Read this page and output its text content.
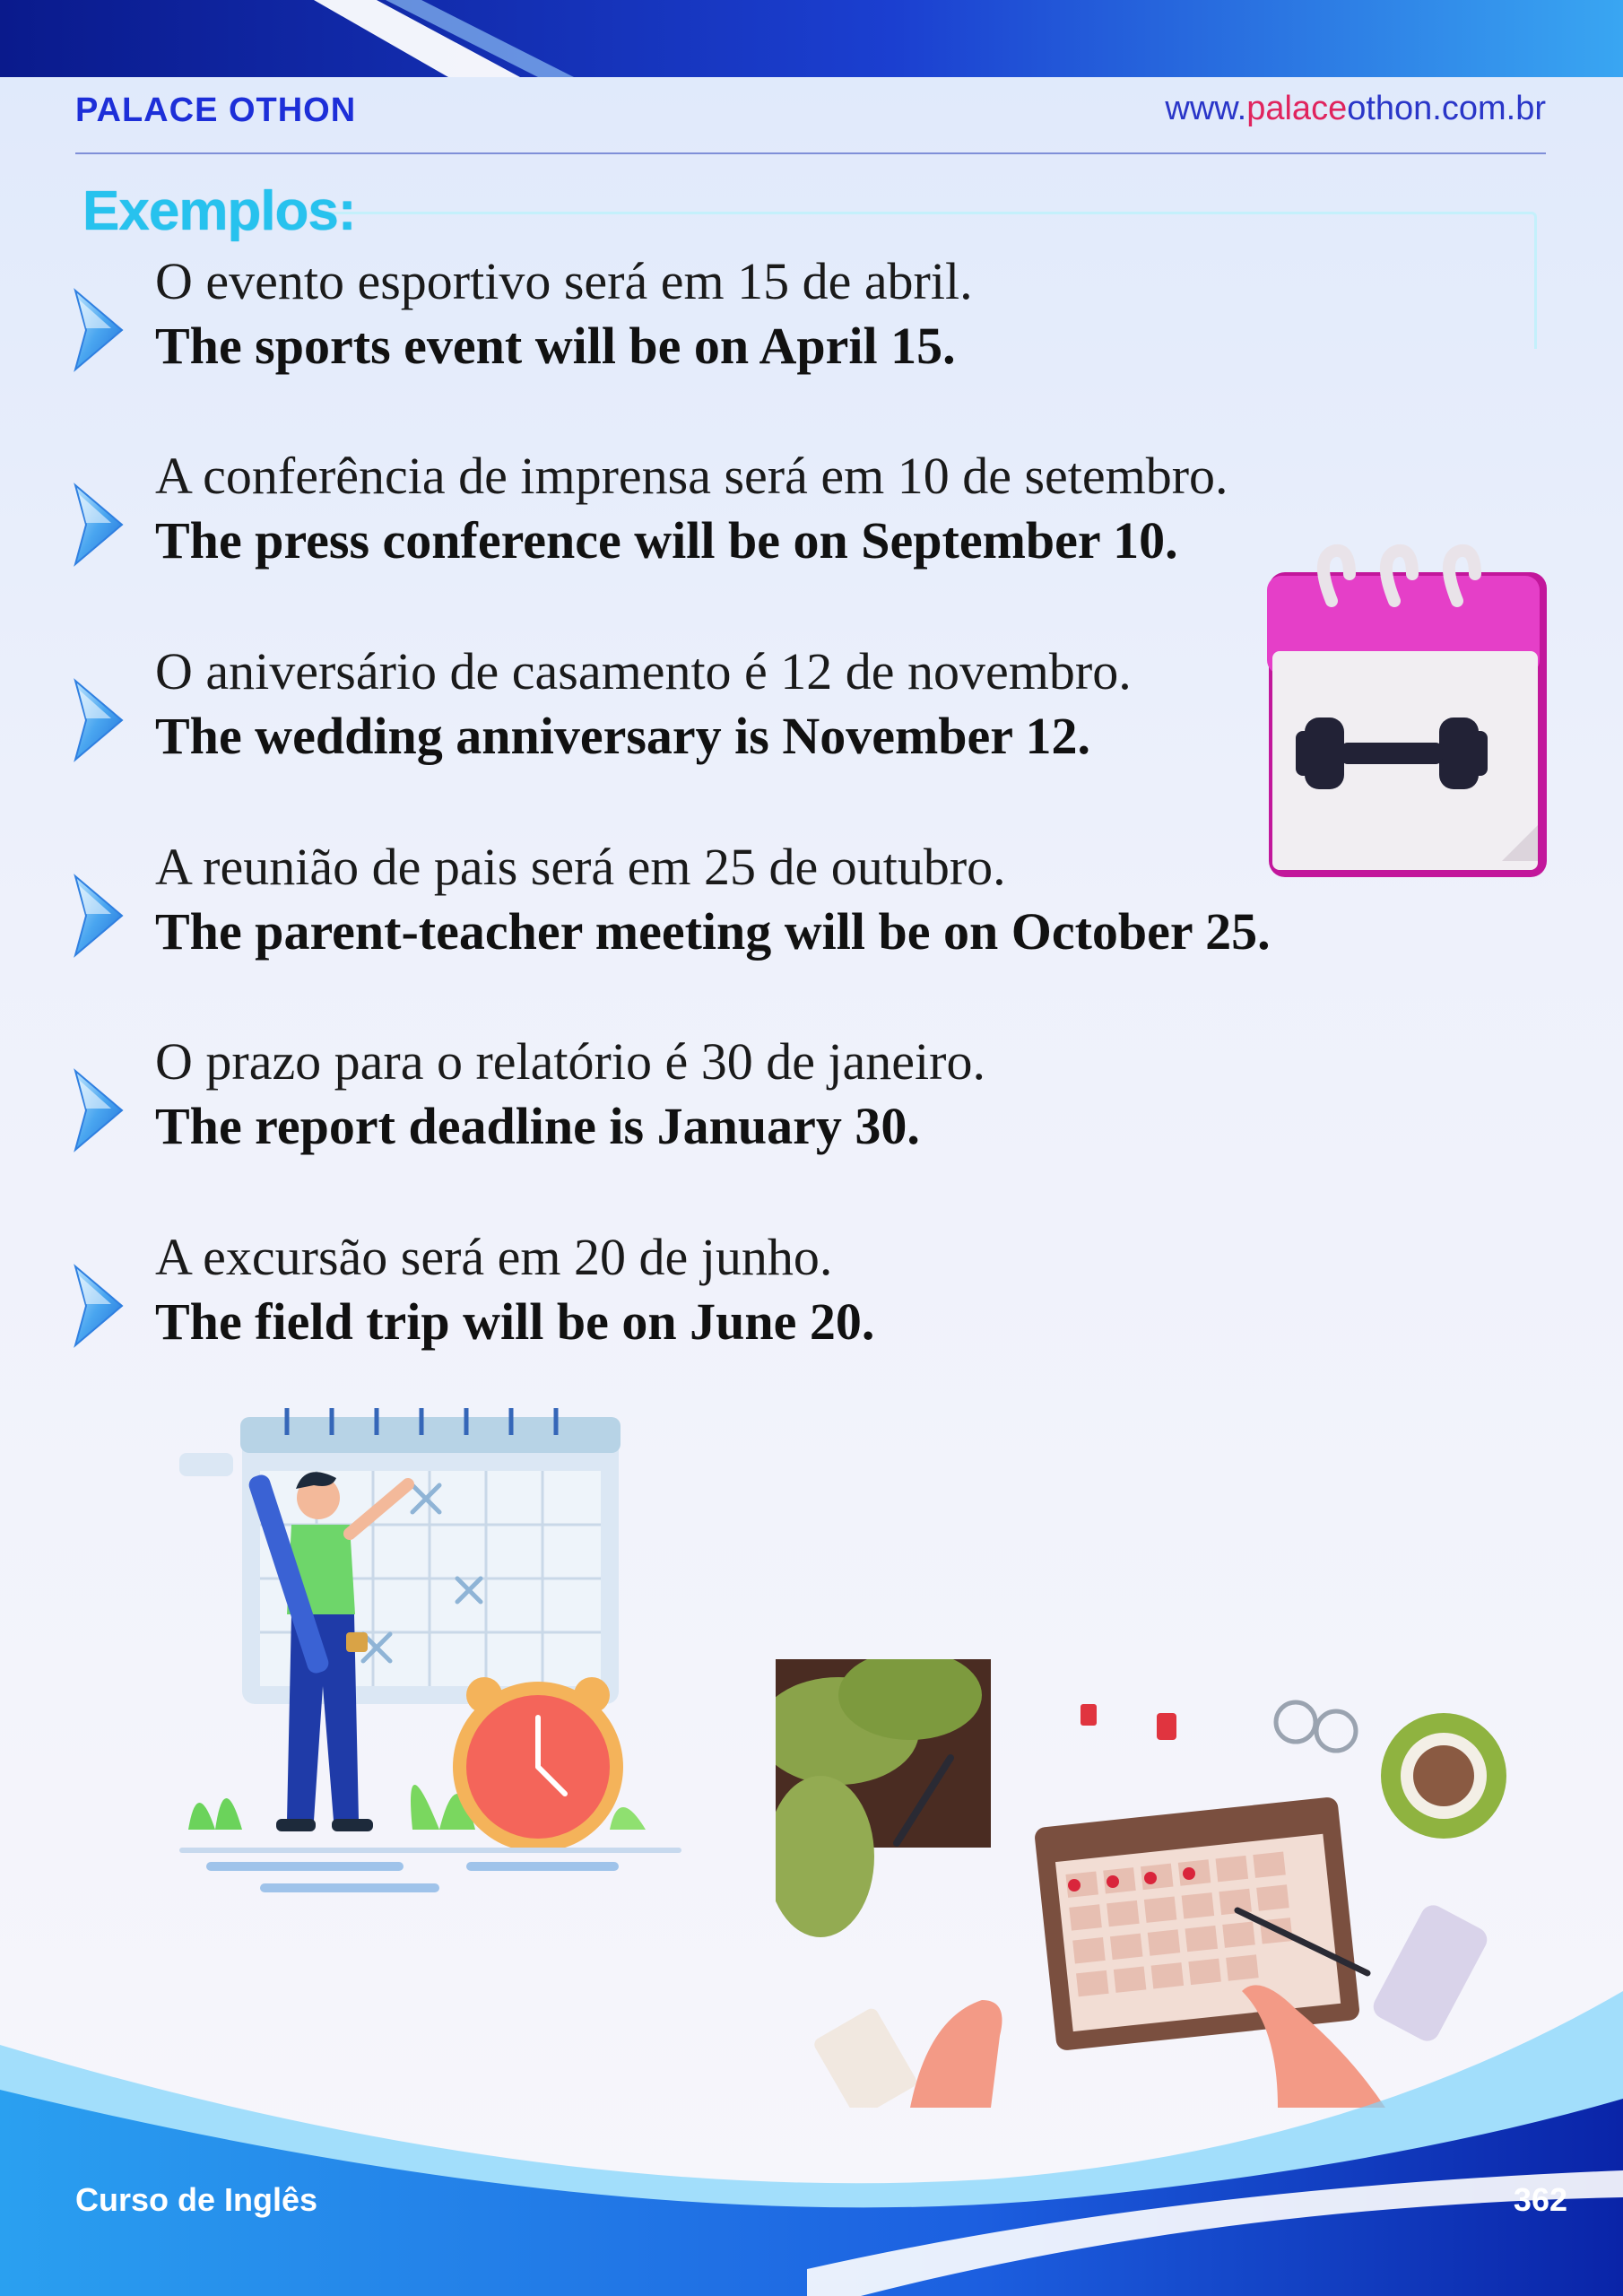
PALACE OTHON	www.palaceothon.com.br
Exemplos:
O evento esportivo será em 15 de abril.
The sports event will be on April 15.
A conferência de imprensa será em 10 de setembro.
The press conference will be on September 10.
O aniversário de casamento é 12 de novembro.
The wedding anniversary is November 12.
A reunião de pais será em 25 de outubro.
The parent-teacher meeting will be on October 25.
O prazo para o relatório é 30 de janeiro.
The report deadline is January 30.
A excursão será em 20 de junho.
The field trip will be on June 20.
Curso de Inglês	362
